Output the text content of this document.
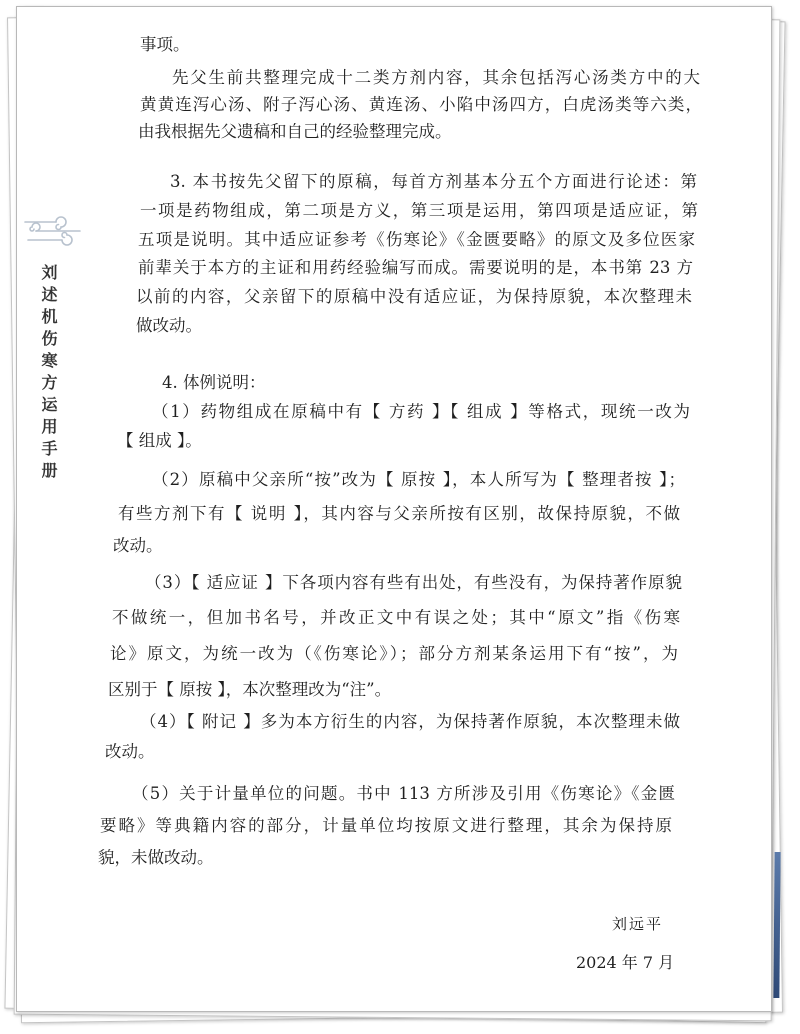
刘述机伤寒方运用手册
事项。
先父生前共整理完成十二类方剂内容，其余包括泻心汤类方中的大
黄黄连泻心汤、附子泻心汤、黄连汤、小陷中汤四方，白虎汤类等六类，
由我根据先父遗稿和自己的经验整理完成。
3. 本书按先父留下的原稿，每首方剂基本分五个方面进行论述：第
一项是药物组成，第二项是方义，第三项是运用，第四项是适应证，第
五项是说明。其中适应证参考《伤寒论》《金匮要略》的原文及多位医家
前辈关于本方的主证和用药经验编写而成。需要说明的是，本书第 23 方
以前的内容，父亲留下的原稿中没有适应证，为保持原貌，本次整理未
做改动。
4. 体例说明：
（1）药物组成在原稿中有【 方药 】【 组成 】等格式，现统一改为
【 组成 】。
（2）原稿中父亲所“按”改为【 原按 】，本人所写为【 整理者按 】；
有些方剂下有【 说明 】，其内容与父亲所按有区别，故保持原貌，不做
改动。
（3）【 适应证 】下各项内容有些有出处，有些没有，为保持著作原貌
不做统一，但加书名号，并改正文中有误之处；其中“原文”指《伤寒
论》原文，为统一改为（《伤寒论》）；部分方剂某条运用下有“按”，为
区别于【 原按 】，本次整理改为“注”。
（4）【 附记 】多为本方衍生的内容，为保持著作原貌，本次整理未做
改动。
（5）关于计量单位的问题。书中 113 方所涉及引用《伤寒论》《金匮
要略》等典籍内容的部分，计量单位均按原文进行整理，其余为保持原
貌，未做改动。
刘远平
2024 年 7 月
